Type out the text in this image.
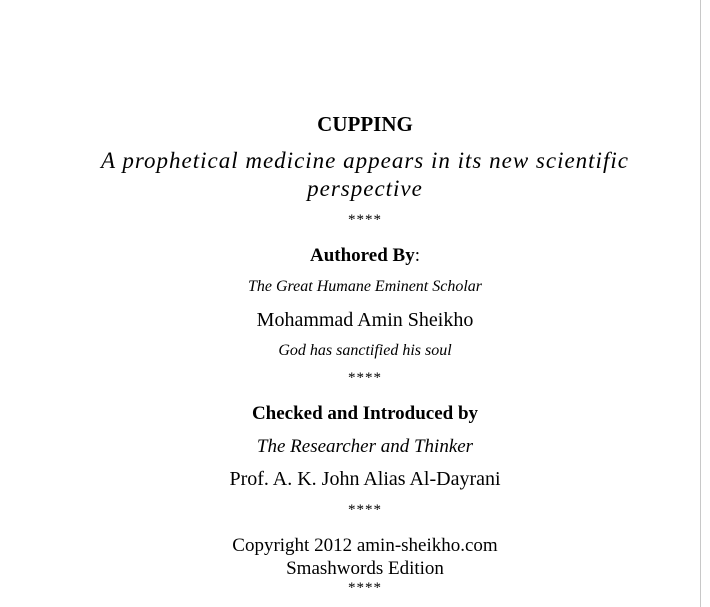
CUPPING
A prophetical medicine appears in its new scientific perspective
****
Authored By:
The Great Humane Eminent Scholar
Mohammad Amin Sheikho
God has sanctified his soul
****
Checked and Introduced by
The Researcher and Thinker
Prof. A. K. John Alias Al-Dayrani
****
Copyright 2012 amin-sheikho.com
Smashwords Edition
****
